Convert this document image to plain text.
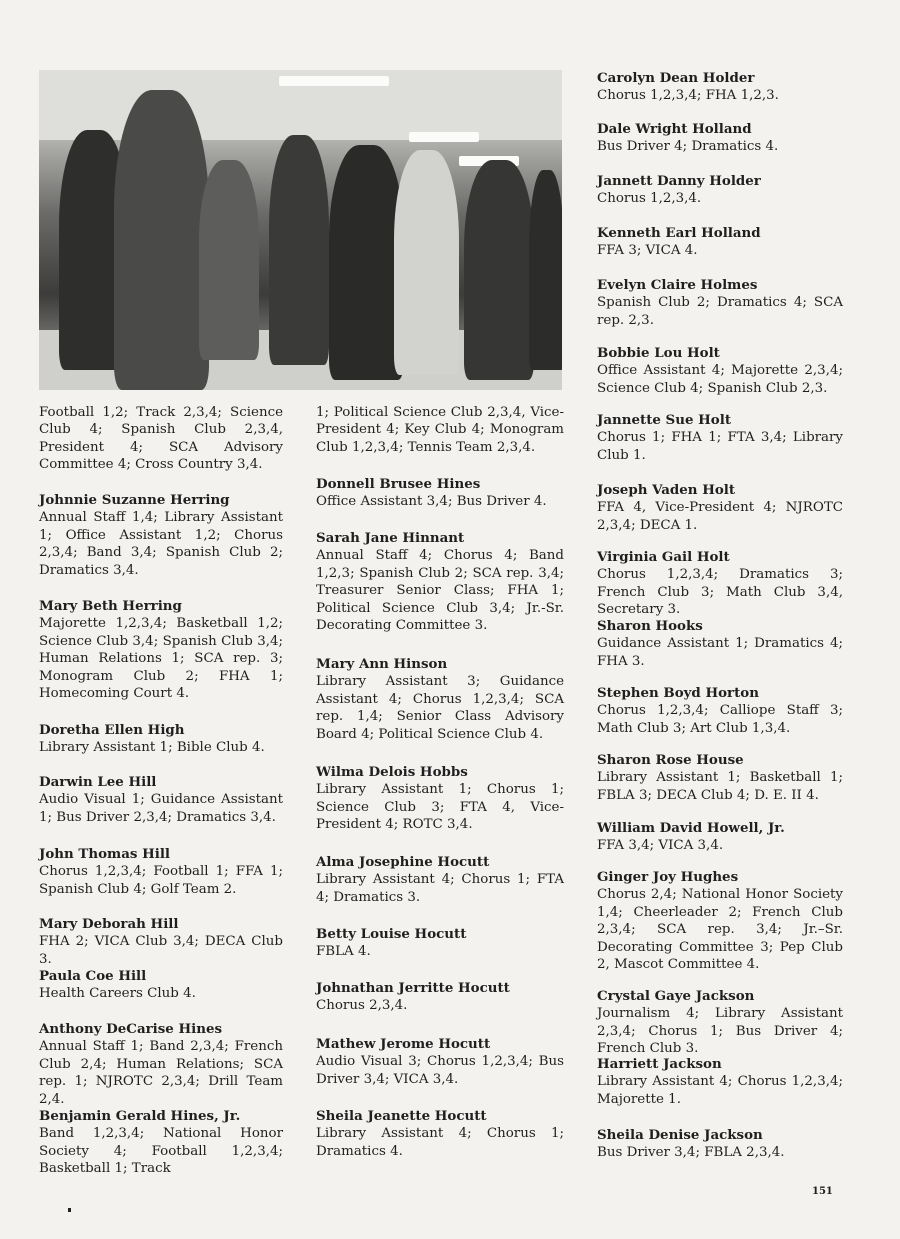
Football 1,2; Track 2,3,4; Science Club 4; Spanish Club 2,3,4, President 4; SCA Advisory Committee 4; Cross Country 3,4.
Johnnie Suzanne Herring
Annual Staff 1,4; Library Assistant 1; Office Assistant 1,2; Chorus 2,3,4; Band 3,4; Spanish Club 2; Dramatics 3,4.
Mary Beth Herring
Majorette 1,2,3,4; Basketball 1,2; Science Club 3,4; Spanish Club 3,4; Human Relations 1; SCA rep. 3; Monogram Club 2; FHA 1; Homecoming Court 4.
Doretha Ellen High
Library Assistant 1; Bible Club 4.
Darwin Lee Hill
Audio Visual 1; Guidance Assistant 1; Bus Driver 2,3,4; Dramatics 3,4.
John Thomas Hill
Chorus 1,2,3,4; Football 1; FFA 1; Spanish Club 4; Golf Team 2.
Mary Deborah Hill
FHA 2; VICA Club 3,4; DECA Club 3.
Paula Coe Hill
Health Careers Club 4.
Anthony DeCarise Hines
Annual Staff 1; Band 2,3,4; French Club 2,4; Human Relations; SCA rep. 1; NJROTC 2,3,4; Drill Team 2,4.
Benjamin Gerald Hines, Jr.
Band 1,2,3,4; National Honor Society 4; Football 1,2,3,4; Basketball 1; Track
1; Political Science Club 2,3,4, Vice-President 4; Key Club 4; Monogram Club 1,2,3,4; Tennis Team 2,3,4.
Donnell Brusee Hines
Office Assistant 3,4; Bus Driver 4.
Sarah Jane Hinnant
Annual Staff 4; Chorus 4; Band 1,2,3; Spanish Club 2; SCA rep. 3,4; Treasurer Senior Class; FHA 1; Political Science Club 3,4; Jr.-Sr. Decorating Committee 3.
Mary Ann Hinson
Library Assistant 3; Guidance Assistant 4; Chorus 1,2,3,4; SCA rep. 1,4; Senior Class Advisory Board 4; Political Science Club 4.
Wilma Delois Hobbs
Library Assistant 1; Chorus 1; Science Club 3; FTA 4, Vice-President 4; ROTC 3,4.
Alma Josephine Hocutt
Library Assistant 4; Chorus 1; FTA 4; Dramatics 3.
Betty Louise Hocutt
FBLA 4.
Johnathan Jerritte Hocutt
Chorus 2,3,4.
Mathew Jerome Hocutt
Audio Visual 3; Chorus 1,2,3,4; Bus Driver 3,4; VICA 3,4.
Sheila Jeanette Hocutt
Library Assistant 4; Chorus 1; Dramatics 4.
Carolyn Dean Holder
Chorus 1,2,3,4; FHA 1,2,3.
Dale Wright Holland
Bus Driver 4; Dramatics 4.
Jannett Danny Holder
Chorus 1,2,3,4.
Kenneth Earl Holland
FFA 3; VICA 4.
Evelyn Claire Holmes
Spanish Club 2; Dramatics 4; SCA rep. 2,3.
Bobbie Lou Holt
Office Assistant 4; Majorette 2,3,4; Science Club 4; Spanish Club 2,3.
Jannette Sue Holt
Chorus 1; FHA 1; FTA 3,4; Library Club 1.
Joseph Vaden Holt
FFA 4, Vice-President 4; NJROTC 2,3,4; DECA 1.
Virginia Gail Holt
Chorus 1,2,3,4; Dramatics 3; French Club 3; Math Club 3,4, Secretary 3.
Sharon Hooks
Guidance Assistant 1; Dramatics 4; FHA 3.
Stephen Boyd Horton
Chorus 1,2,3,4; Calliope Staff 3; Math Club 3; Art Club 1,3,4.
Sharon Rose House
Library Assistant 1; Basketball 1; FBLA 3; DECA Club 4; D. E. II 4.
William David Howell, Jr.
FFA 3,4; VICA 3,4.
Ginger Joy Hughes
Chorus 2,4; National Honor Society 1,4; Cheerleader 2; French Club 2,3,4; SCA rep. 3,4; Jr.–Sr. Decorating Committee 3; Pep Club 2, Mascot Committee 4.
Crystal Gaye Jackson
Journalism 4; Library Assistant 2,3,4; Chorus 1; Bus Driver 4; French Club 3.
Harriett Jackson
Library Assistant 4; Chorus 1,2,3,4; Majorette 1.
Sheila Denise Jackson
Bus Driver 3,4; FBLA 2,3,4.
151
